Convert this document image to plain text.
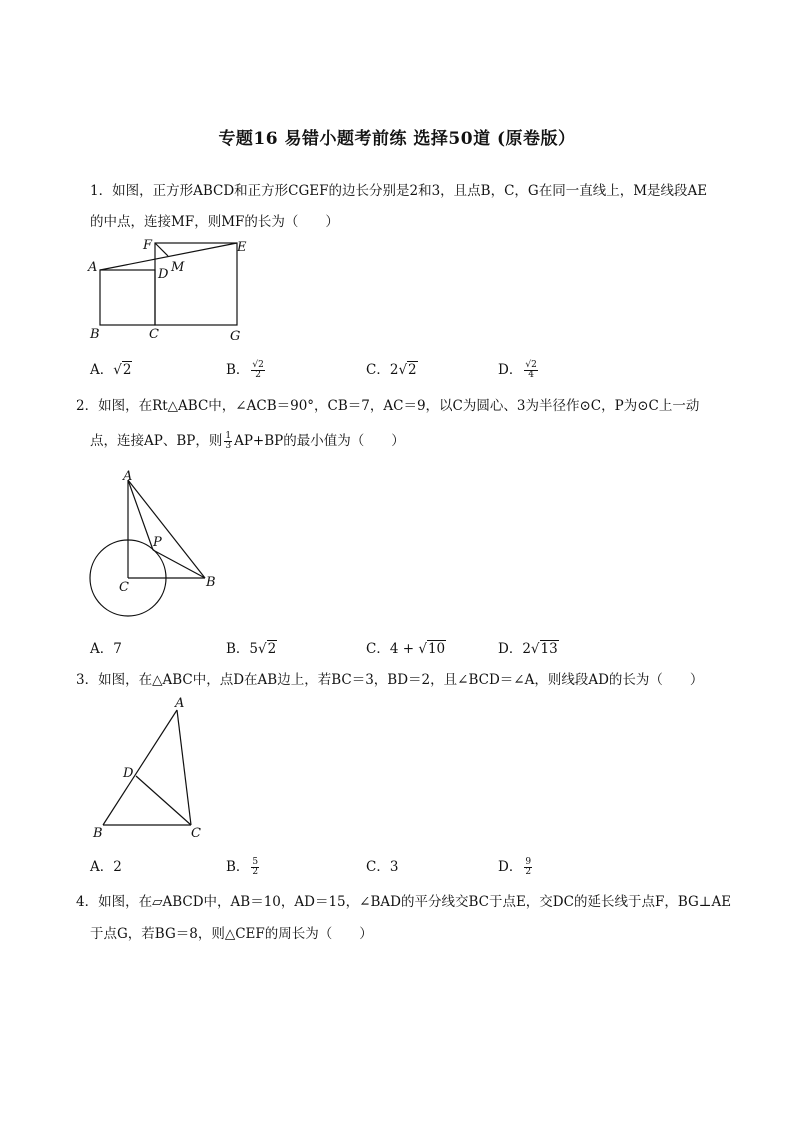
专题16 易错小题考前练 选择50道 (原卷版）
1．如图，正方形ABCD和正方形CGEF的边长分别是2和3，且点B，C，G在同一直线上，M是线段AE
的中点，连接MF，则MF的长为（　　）
A
B	C
D
E
F
G
M
A．√2	B． $\frac{√2}{2}$	C．2√2	D． $\frac{√2}{4}$
2．如图，在Rt△ABC中，∠ACB＝90°，CB＝7，AC＝9，以C为圆心、3为半径作⊙C，P为⊙C上一动
点，连接AP、BP，则 $\frac{1}{3} AP+BP$的最小值为（　　）
A
P
C	B
A．7	B．5√2	C．4 + √10	D．2√13
3．如图，在△ABC中，点D在AB边上，若BC＝3，BD＝2，且∠BCD＝∠A，则线段AD的长为（　　）
A
D
B	C
A．2	B． $\frac{5}{2}$	C．3	D． $\frac{9}{2}$
4．如图，在▱ABCD中，AB＝10，AD＝15，∠BAD的平分线交BC于点E，交DC的延长线于点F，BG⊥AE
于点G，若BG＝8，则△CEF的周长为（　　）
